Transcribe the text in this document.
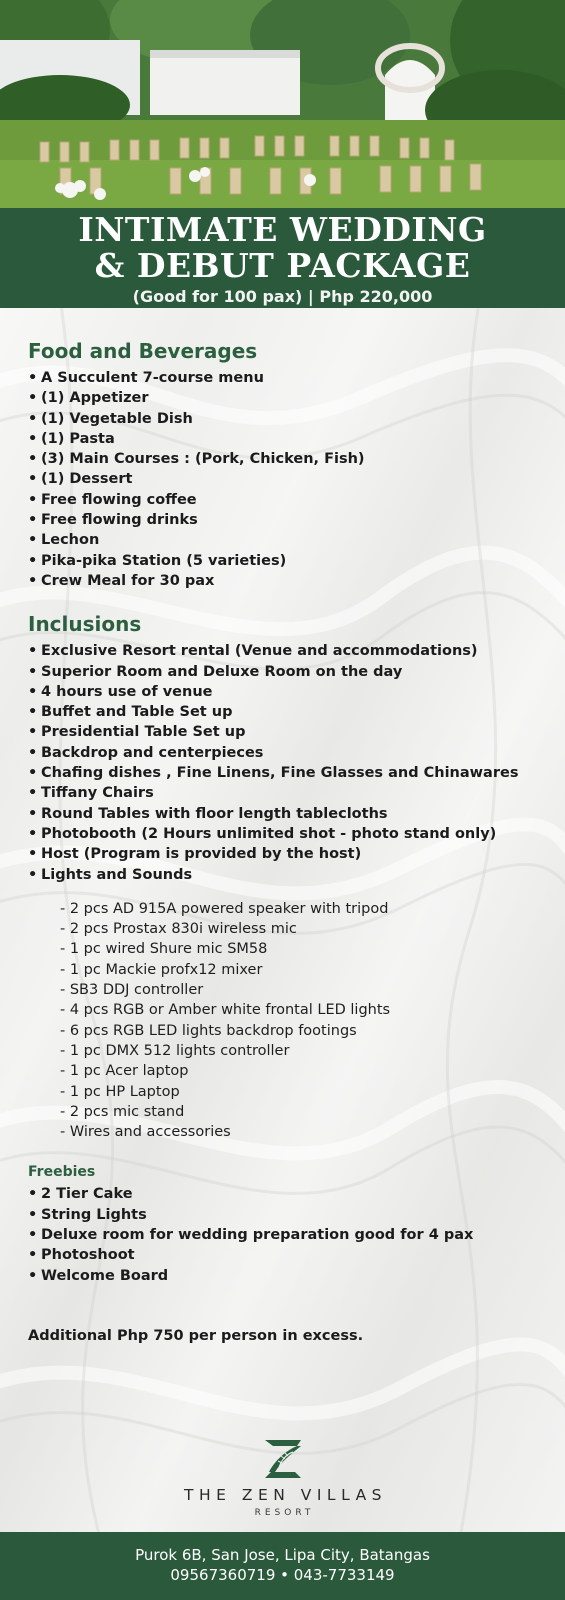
INTIMATE WEDDING
& DEBUT PACKAGE
(Good for 100 pax) | Php 220,000
Food and Beverages
• A Succulent 7-course menu
• (1) Appetizer
• (1) Vegetable Dish
• (1) Pasta
• (3) Main Courses : (Pork, Chicken, Fish)
• (1) Dessert
• Free flowing coffee
• Free flowing drinks
• Lechon
• Pika-pika Station (5 varieties)
• Crew Meal for 30 pax
Inclusions
• Exclusive Resort rental (Venue and accommodations)
• Superior Room and Deluxe Room on the day
• 4 hours use of venue
• Buffet and Table Set up
• Presidential Table Set up
• Backdrop and centerpieces
• Chafing dishes , Fine Linens, Fine Glasses and Chinawares
• Tiffany Chairs
• Round Tables with floor length tablecloths
• Photobooth (2 Hours unlimited shot - photo stand only)
• Host (Program is provided by the host)
• Lights and Sounds
- 2 pcs AD 915A powered speaker with tripod
- 2 pcs Prostax 830i wireless mic
- 1 pc wired Shure mic SM58
- 1 pc Mackie profx12 mixer
- SB3 DDJ controller
- 4 pcs RGB or Amber white frontal LED lights
- 6 pcs RGB LED lights backdrop footings
- 1 pc DMX 512 lights controller
- 1 pc Acer laptop
- 1 pc HP Laptop
- 2 pcs mic stand
- Wires and accessories
Freebies
• 2 Tier Cake
• String Lights
• Deluxe room for wedding preparation good for 4 pax
• Photoshoot
• Welcome Board
Additional Php 750 per person in excess.
THE ZEN VILLAS
RESORT
Purok 6B, San Jose, Lipa City, Batangas
09567360719 • 043-7733149
